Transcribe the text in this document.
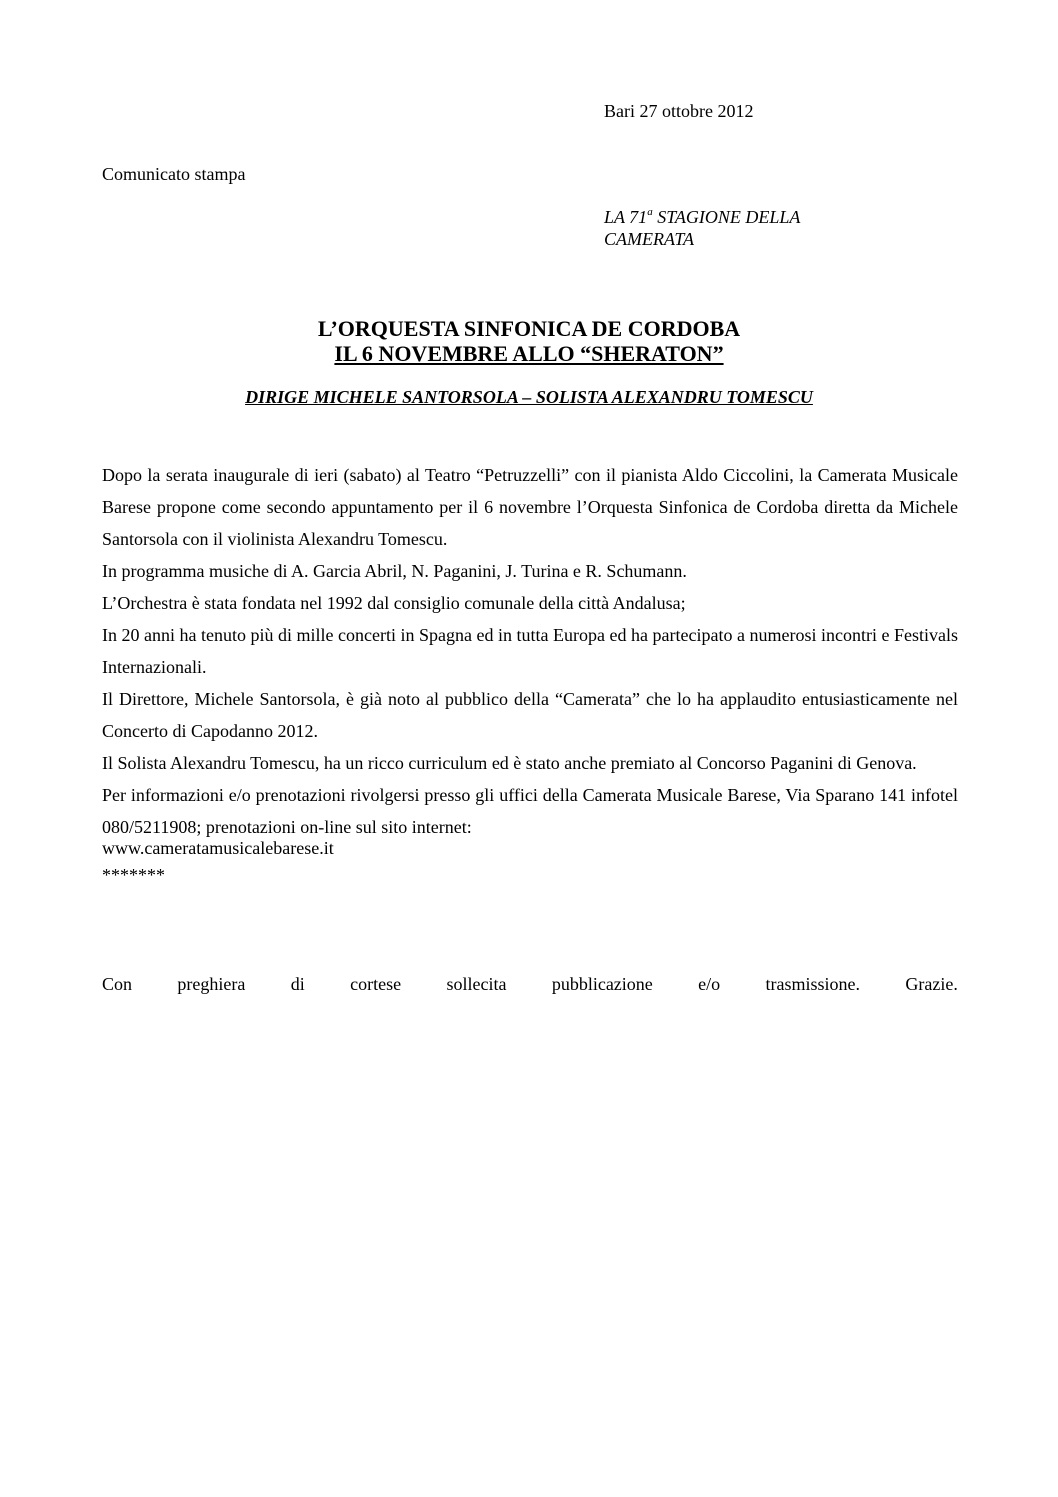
Bari 27 ottobre 2012
Comunicato stampa
LA 71$^a$ STAGIONE DELLA
CAMERATA
L’ORQUESTA SINFONICA DE CORDOBA
IL 6 NOVEMBRE ALLO “SHERATON”
DIRIGE MICHELE SANTORSOLA – SOLISTA ALEXANDRU TOMESCU

Dopo la serata inaugurale di ieri (sabato) al Teatro “Petruzzelli” con il pianista Aldo Ciccolini, la Camerata Musicale Barese propone come secondo appuntamento per il 6 novembre l’Orquesta Sinfonica de Cordoba diretta da Michele Santorsola con il violinista Alexandru Tomescu.

In programma musiche di A. Garcia Abril, N. Paganini, J. Turina e R. Schumann.

L’Orchestra è stata fondata nel 1992 dal consiglio comunale della città Andalusa;

In 20 anni ha tenuto più di mille concerti in Spagna ed in tutta Europa ed ha partecipato a numerosi incontri e Festivals Internazionali.

Il Direttore, Michele Santorsola, è già noto al pubblico della “Camerata” che lo ha applaudito entusiasticamente nel Concerto di Capodanno 2012.

Il Solista Alexandru Tomescu, ha un ricco curriculum ed è stato anche premiato al Concorso Paganini di Genova.

Per informazioni e/o prenotazioni rivolgersi presso gli uffici della Camerata Musicale Barese, Via Sparano 141 infotel 080/5211908; prenotazioni on-line sul sito internet:

www.cameratamusicalebarese.it

*******

Con	preghiera	di	cortese	sollecita	pubblicazione	e/o	trasmissione.	Grazie.
